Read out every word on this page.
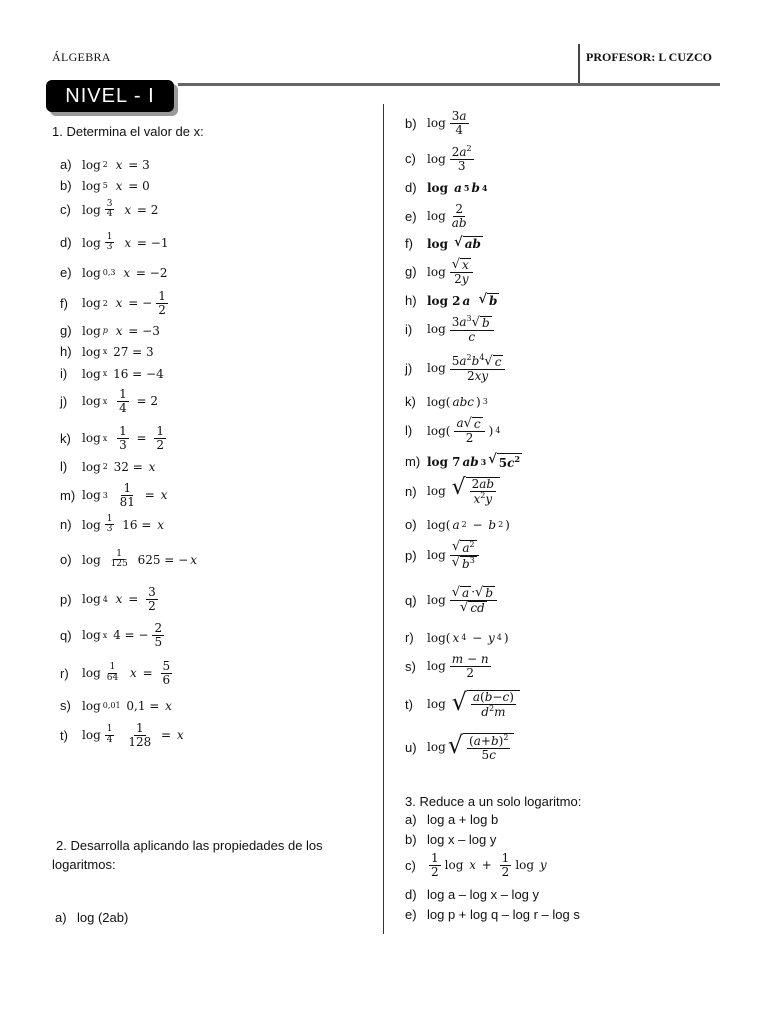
ÁLGEBRA	PROFESOR: L CUZCO
NIVEL - I
1. Determina el valor de x:
a) log 2
x = 3
b) log 5
x = 0
c) $\log \frac{3}{4}$
x = 2
d) $\log \frac{1}{3}$
x = −1
e) log 0,3
x = −2
f)	log 2
x = − $\frac{1}{2}$
g) log p
x = −3
h) log x 27 = 3
i)	log x 16 = −4
j)	log x
$\frac{1}{4} = 2$
k) log x
$\frac{1}{3} = \frac{1}{2}$
l)	log 2 32 = x
m) log 3
$\frac{1}{81} = x$
n) $\log \frac{1}{3} 16 = x$
o) $\log \frac{1}{125} 625$ = − x
p) log 4
$x = \frac{3}{2}$
q) log x 4 = − $\frac{2}{5}$
r)	$\log \frac{1}{64}$
$x = \frac{5}{6}$
s) log 0,01 0,1 = x
t)	$\log \frac{1}{4}$
$\frac{1}{128} = x$
2. Desarrolla aplicando las propiedades de los
logaritmos:
a) log (2ab)
b) $\log \frac{3a}{4}$
c) $\log \frac{2a^2}{3}$
d) log a 5 b 4
e) $\log \frac{2}{ab}$
f)	log √ ab
g) $\log \frac{√ x}{2y}$
h) log 2 a
√ b
i)	$\log \frac{3a^3 √ b}{c}$
j)	$\log \frac{5a^2b^4 √ c}{2xy}$
k) log( abc ) 3
l)	$\log( \frac{a √ c}{2}$ ) 4
m) log 7 ab 3 √ $5c^2$
n) log √ $\frac{2ab}{x^2y}$
o) log( a 2 − b 2 )
p) $\log \frac{√ a^2}{√ b^3}$
q) $\log \frac{√ a \cdot √ b}{√ cd}$
r)	log( x 4 − y 4 )
s) $\log \frac{m - n}{2}$
t)	log √ $\frac{a(b-c)}{d^2m}$
u) log √ $\frac{(a+b)^2}{5c}$
3. Reduce a un solo logaritmo:
a) log a + log b
b) log x – log y
c)	$\frac{1}{2}$ $\log x + \frac{1}{2}$ log y
d) log a – log x – log y
e) log p + log q – log r – log s
